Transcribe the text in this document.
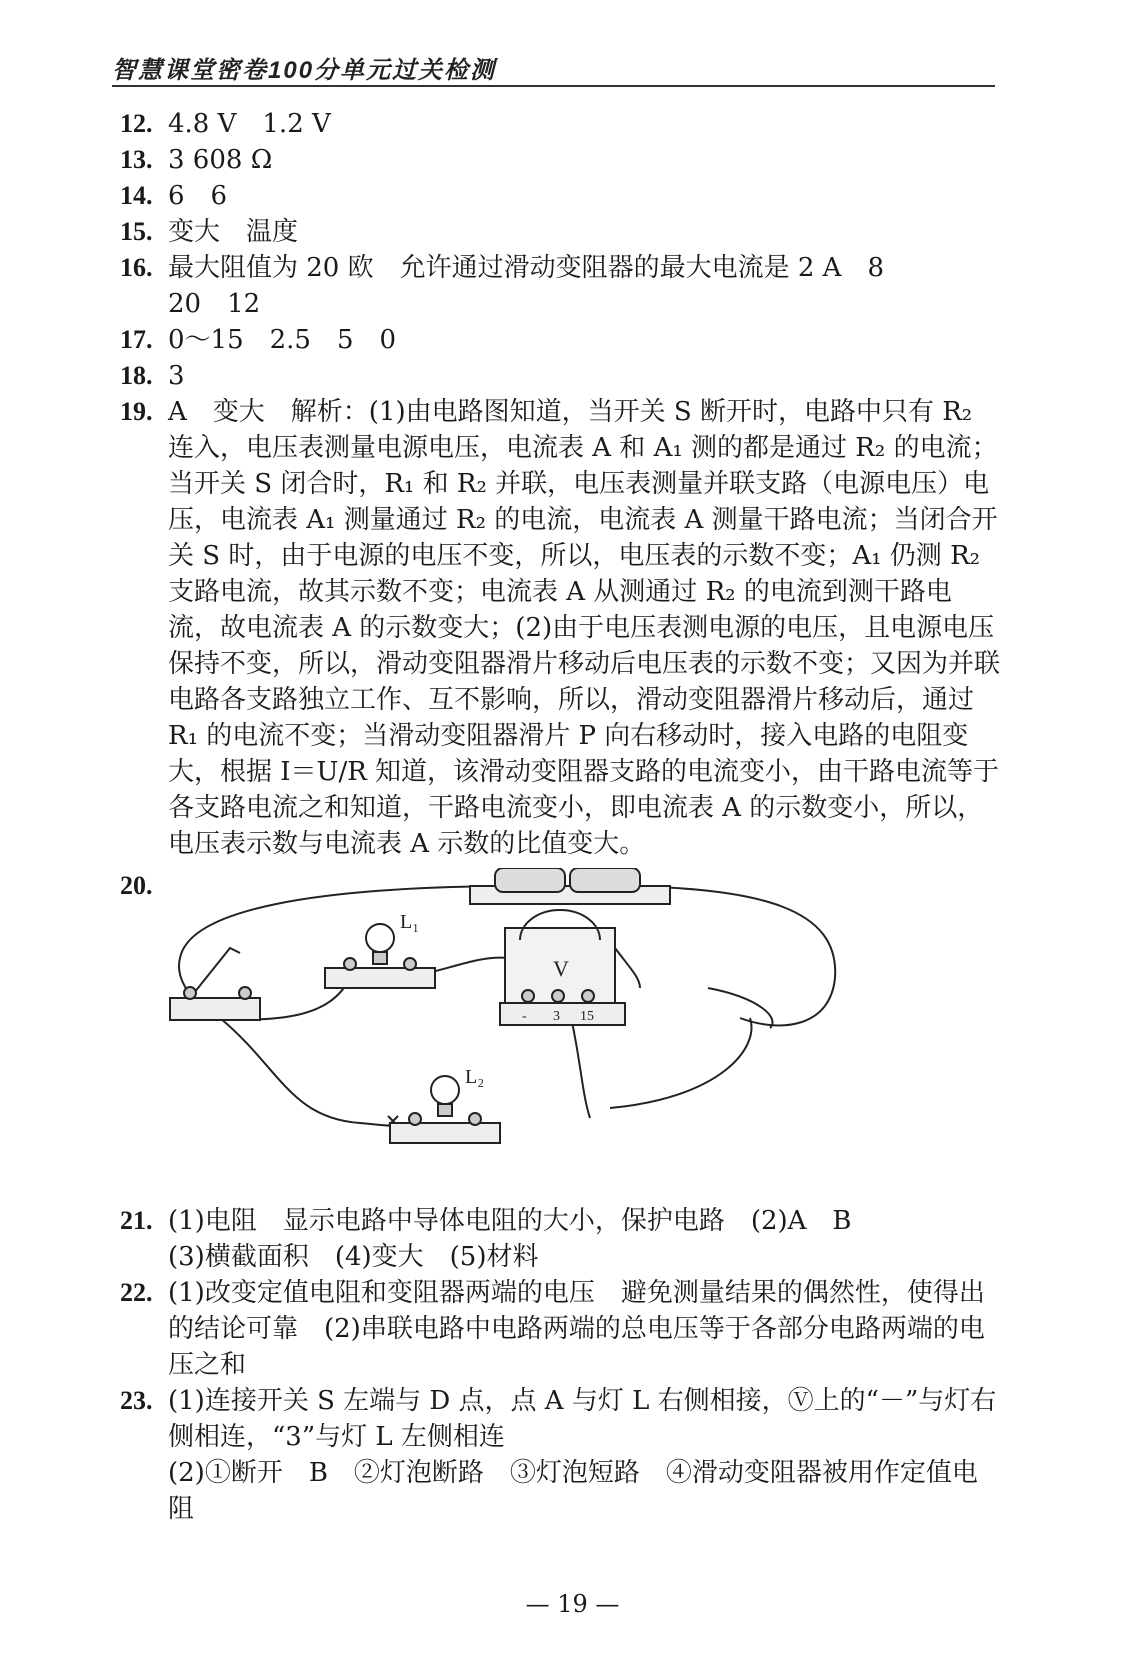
智慧课堂密卷100分单元过关检测
12. 4.8 V　1.2 V

13. 3 608 Ω

14. 6　6

15. 变大　温度

16. 最大阻值为 20 欧　允许通过滑动变阻器的最大电流是 2 A　8

20　12

17. 0～15　2.5　5　0

18. 3

19. A　变大　解析：(1)由电路图知道，当开关 S 断开时，电路中只有 R₂ 连入，电压表测量电源电压，电流表 A 和 A₁ 测的都是通过 R₂ 的电流；当开关 S 闭合时，R₁ 和 R₂ 并联，电压表测量并联支路（电源电压）电压，电流表 A₁ 测量通过 R₂ 的电流，电流表 A 测量干路电流；当闭合开关 S 时，由于电源的电压不变，所以，电压表的示数不变；A₁ 仍测 R₂ 支路电流，故其示数不变；电流表 A 从测通过 R₂ 的电流到测干路电流，故电流表 A 的示数变大；(2)由于电压表测电源的电压，且电源电压保持不变，所以，滑动变阻器滑片移动后电压表的示数不变；又因为并联电路各支路独立工作、互不影响，所以，滑动变阻器滑片移动后，通过 R₁ 的电流不变；当滑动变阻器滑片 P 向右移动时，接入电路的电阻变大，根据 I＝U/R 知道，该滑动变阻器支路的电流变小，由干路电流等于各支路电流之和知道，干路电流变小，即电流表 A 的示数变小，所以，电压表示数与电流表 A 示数的比值变大。

20.
L₁
L₂
V
- 3 15
21. (1)电阻　显示电路中导体电阻的大小，保护电路　(2)A　B

(3)横截面积　(4)变大　(5)材料

22. (1)改变定值电阻和变阻器两端的电压　避免测量结果的偶然性，使得出的结论可靠　(2)串联电路中电路两端的总电压等于各部分电路两端的电压之和

23. (1)连接开关 S 左端与 D 点，点 A 与灯 L 右侧相接，Ⓥ上的“－”与灯右侧相连，“3”与灯 L 左侧相连

(2)①断开　B　②灯泡断路　③灯泡短路　④滑动变阻器被用作定值电阻

— 19 —
